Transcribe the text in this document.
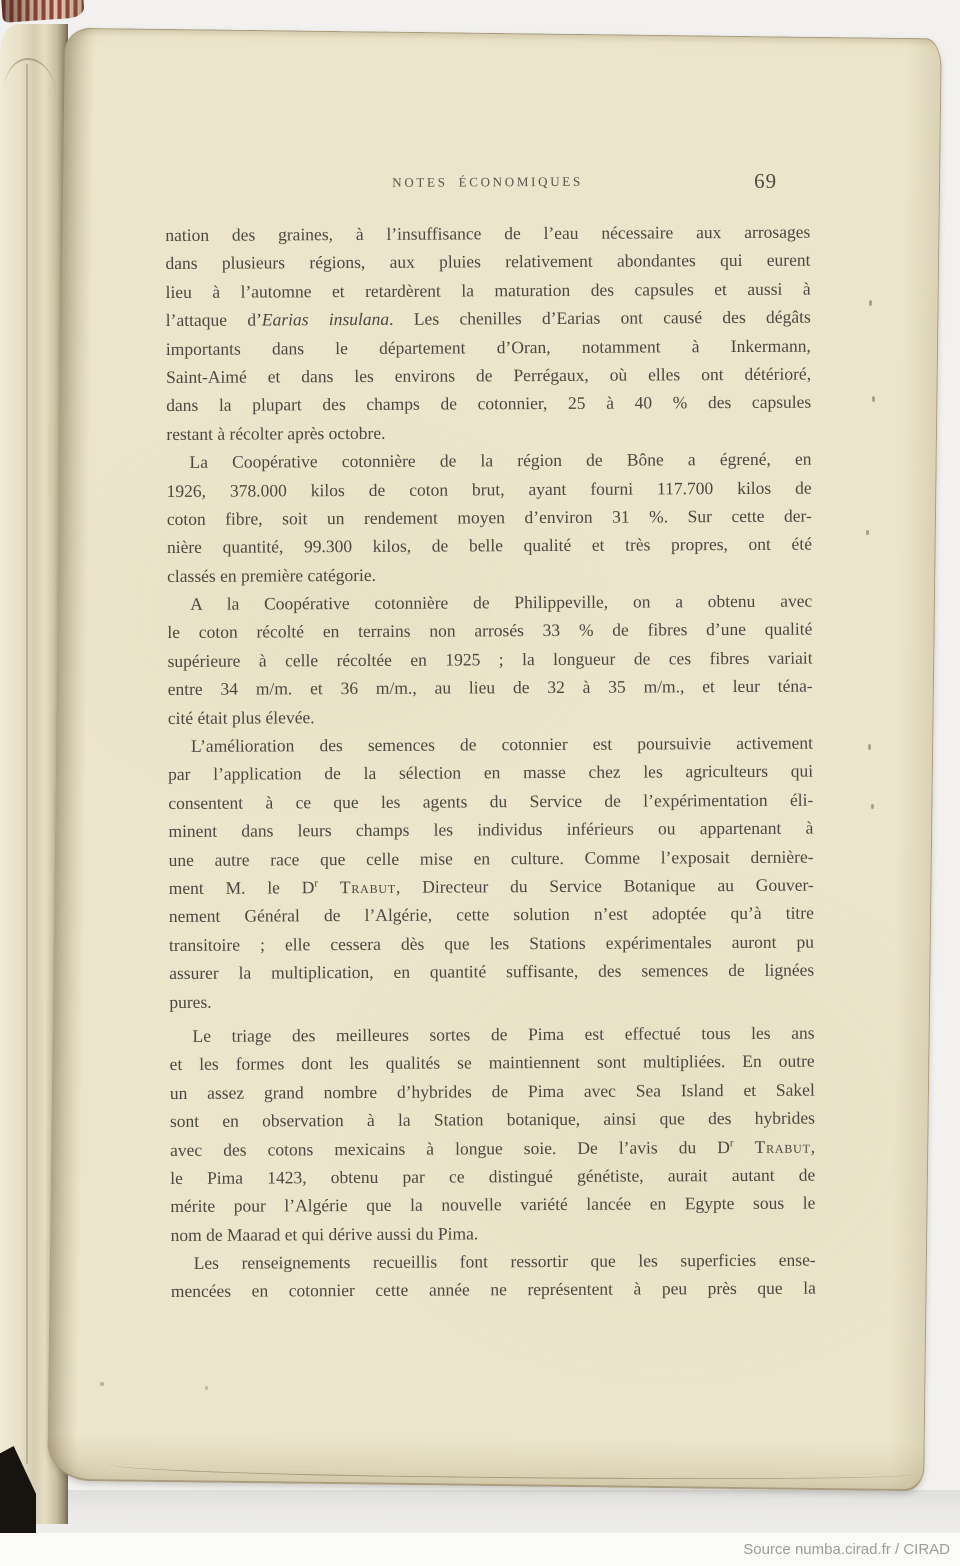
NOTES ÉCONOMIQUES	69
nation des graines, à l’insuffisance de l’eau nécessaire aux arrosages
dans plusieurs régions, aux pluies relativement abondantes qui eurent
lieu à l’automne et retardèrent la maturation des capsules et aussi à
l’attaque d’Earias insulana. Les chenilles d’Earias ont causé des dégâts
importants dans le département d’Oran, notamment à Inkermann,
Saint-Aimé et dans les environs de Perrégaux, où elles ont détérioré,
dans la plupart des champs de cotonnier, 25 à 40 % des capsules
restant à récolter après octobre.
La Coopérative cotonnière de la région de Bône a égrené, en
1926, 378.000 kilos de coton brut, ayant fourni 117.700 kilos de
coton fibre, soit un rendement moyen d’environ 31 %. Sur cette der-
nière quantité, 99.300 kilos, de belle qualité et très propres, ont été
classés en première catégorie.
A la Coopérative cotonnière de Philippeville, on a obtenu avec
le coton récolté en terrains non arrosés 33 % de fibres d’une qualité
supérieure à celle récoltée en 1925 ; la longueur de ces fibres variait
entre 34 m/m. et 36 m/m., au lieu de 32 à 35 m/m., et leur téna-
cité était plus élevée.
L’amélioration des semences de cotonnier est poursuivie activement
par l’application de la sélection en masse chez les agriculteurs qui
consentent à ce que les agents du Service de l’expérimentation éli-
minent dans leurs champs les individus inférieurs ou appartenant à
une autre race que celle mise en culture. Comme l’exposait dernière-
ment M. le $D^r$ Trabut, Directeur du Service Botanique au Gouver-
nement Général de l’Algérie, cette solution n’est adoptée qu’à titre
transitoire ; elle cessera dès que les Stations expérimentales auront pu
assurer la multiplication, en quantité suffisante, des semences de lignées
pures.
Le triage des meilleures sortes de Pima est effectué tous les ans
et les formes dont les qualités se maintiennent sont multipliées. En outre
un assez grand nombre d’hybrides de Pima avec Sea Island et Sakel
sont en observation à la Station botanique, ainsi que des hybrides
avec des cotons mexicains à longue soie. De l’avis du $D^r$ Trabut,
le Pima 1423, obtenu par ce distingué génétiste, aurait autant de
mérite pour l’Algérie que la nouvelle variété lancée en Egypte sous le
nom de Maarad et qui dérive aussi du Pima.
Les renseignements recueillis font ressortir que les superficies ense-
mencées en cotonnier cette année ne représentent à peu près que la
Source numba.cirad.fr / CIRAD
